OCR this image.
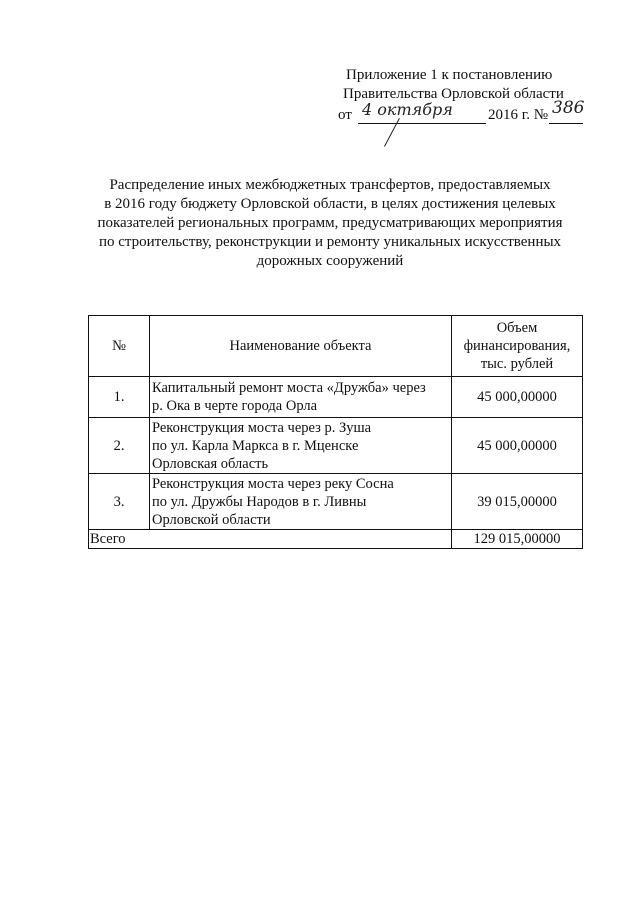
Приложение 1 к постановлению
Правительства Орловской области
от 4 октября 2016 г. № 386
Распределение иных межбюджетных трансфертов, предоставляемых
в 2016 году бюджету Орловской области, в целях достижения целевых
показателей региональных программ, предусматривающих мероприятия
по строительству, реконструкции и ремонту уникальных искусственных
дорожных сооружений
№	Наименование объекта	Объем
финансирования,
тыс. рублей

1.	Капитальный ремонт моста «Дружба» через
р. Ока в черте города Орла	45 000,00000
2.	Реконструкция моста через р. Зуша
по ул. Карла Маркса в г. Мценске
Орловская область	45 000,00000
3.	Реконструкция моста через реку Сосна
по ул. Дружбы Народов в г. Ливны
Орловской области	39 015,00000
Всего		129 015,00000
